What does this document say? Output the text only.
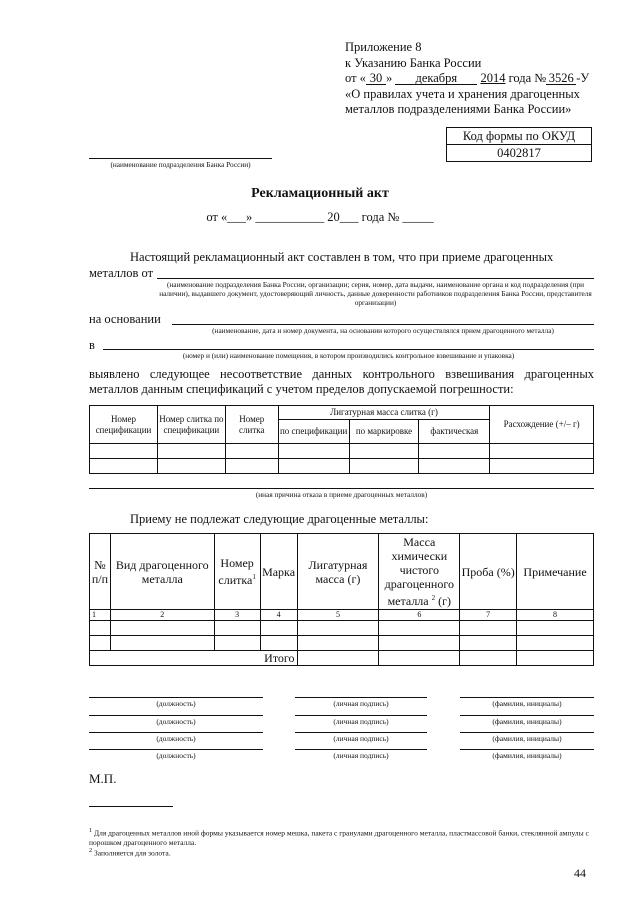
Приложение 8
к Указанию Банка России
от « 30 » декабря 2014 года № 3526 -У
«О правилах учета и хранения драгоценных
металлов подразделениями Банка России»
Код формы по ОКУД
0402817
(наименование подразделения Банка России)
Рекламационный акт
от «___» ___________ 20___ года № _____
Настоящий рекламационный акт составлен в том, что при приеме драгоценных
металлов от
(наименование подразделения Банка России, организации; серия, номер, дата выдачи, наименование органа и код подразделения (при наличии), выдавшего документ, удостоверяющий личность, данные доверенности работников подразделения Банка России, представителя организации)
на основании
(наименование, дата и номер документа, на основании которого осуществлялся прием драгоценного металла)
в
(номер и (или) наименование помещения, в котором производились контрольное взвешивание и упаковка)
выявлено следующее несоответствие данных контрольного взвешивания драгоценных
металлов данным спецификаций с учетом пределов допускаемой погрешности:
Номер спецификации	Номер слитка по спецификации	Номер слитка	Лигатурная масса слитка (г)			Расхождение (+/– г)
			по спецификации	по маркировке	фактическая	

(иная причина отказа в приеме драгоценных металлов)
Приему не подлежат следующие драгоценные металлы:
№ п/п	Вид драгоценного металла	Номер слитка$^1$	Марка	Лигатурная масса (г)	Масса химически чистого драгоценного металла $^2$ (г)	Проба (%)	Примечание
1	2	3	4	5	6	7	8

Итого							
(должность)	(личная подпись)	(фамилия, инициалы)
(должность)	(личная подпись)	(фамилия, инициалы)
(должность)	(личная подпись)	(фамилия, инициалы)
(должность)	(личная подпись)	(фамилия, инициалы)
М.П.
$^1$ Для драгоценных металлов иной формы указывается номер мешка, пакета с гранулами драгоценного металла, пластмассовой банки, стеклянной ампулы с порошком драгоценного металла.
$^2$ Заполняется для золота.
44
